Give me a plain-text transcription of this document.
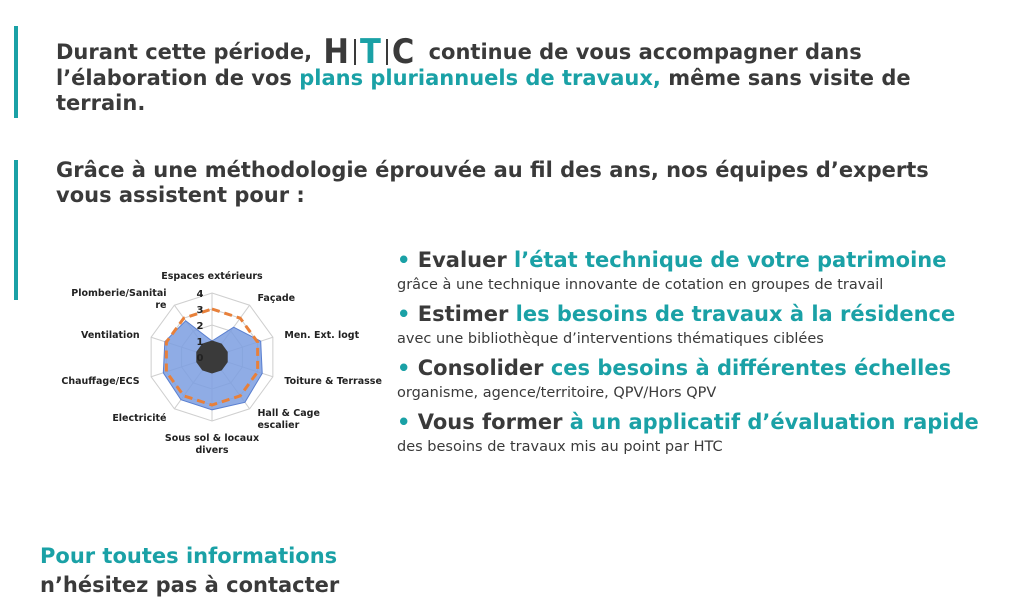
Durant cette période, H T C continue de vous accompagner dans
l’élaboration de vos plans pluriannuels de travaux, même sans visite de
terrain.

Grâce à une méthodologie éprouvée au fil des ans, nos équipes d’experts
vous assistent pour :

0
1
2
3
4
Espaces extérieurs
Façade
Men. Ext. logt
Toiture & Terrasse
Hall & Cage
escalier
Sous sol & locaux
divers
Electricité
Chauffage/ECS
Ventilation
Plomberie/Sanitai
re
• Evaluer l’état technique de votre patrimoine
grâce à une technique innovante de cotation en groupes de travail
• Estimer les besoins de travaux à la résidence
avec une bibliothèque d’interventions thématiques ciblées
• Consolider ces besoins à différentes échelles
organisme, agence/territoire, QPV/Hors QPV
• Vous former à un applicatif d’évaluation rapide
des besoins de travaux mis au point par HTC
Pour toutes informations
n’hésitez pas à contacter
